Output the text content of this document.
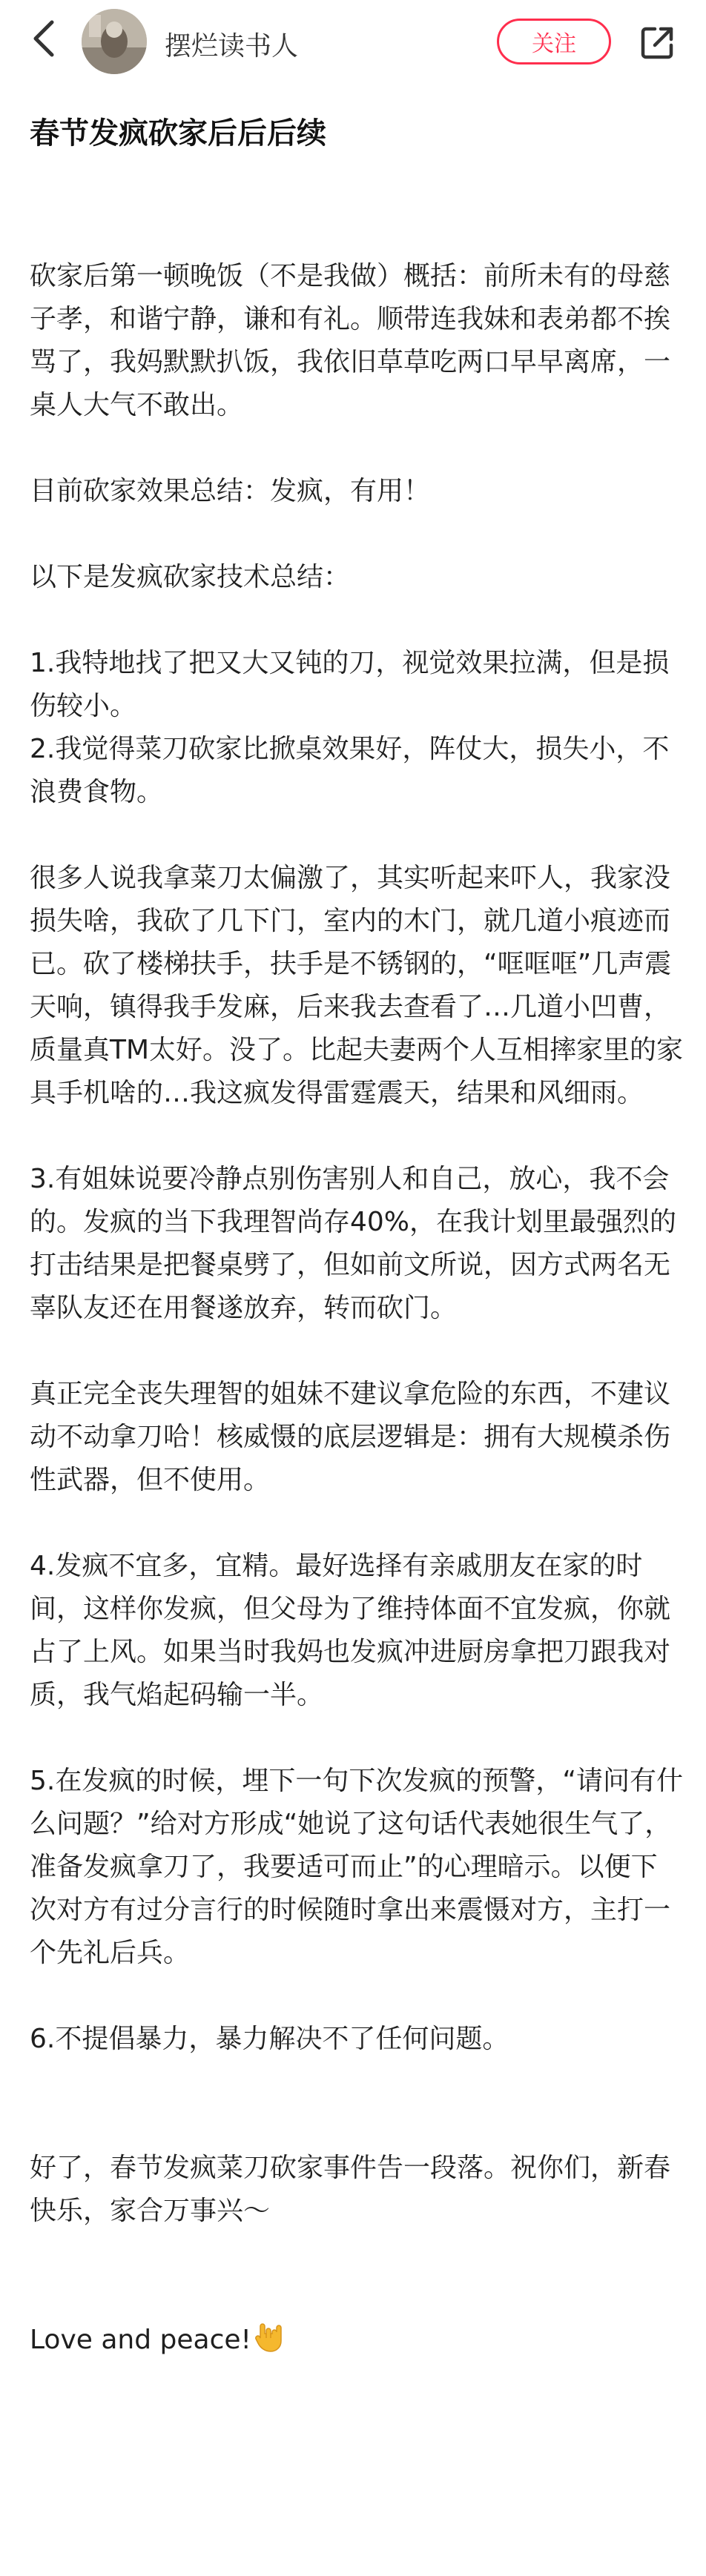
摆烂读书人	关注
春节发疯砍家后后后续

砍家后第一顿晚饭（不是我做）概括：前所未有的母慈子孝，和谐宁静，谦和有礼。顺带连我妹和表弟都不挨骂了，我妈默默扒饭，我依旧草草吃两口早早离席，一桌人大气不敢出。

目前砍家效果总结：发疯，有用！

以下是发疯砍家技术总结：

1.我特地找了把又大又钝的刀，视觉效果拉满，但是损伤较小。

2.我觉得菜刀砍家比掀桌效果好，阵仗大，损失小，不浪费食物。

很多人说我拿菜刀太偏激了，其实听起来吓人，我家没损失啥，我砍了几下门，室内的木门，就几道小痕迹而已。砍了楼梯扶手，扶手是不锈钢的，“哐哐哐”几声震天响，镇得我手发麻，后来我去查看了…几道小凹曹，质量真TM太好。没了。比起夫妻两个人互相摔家里的家具手机啥的…我这疯发得雷霆震天，结果和风细雨。

3.有姐妹说要冷静点别伤害别人和自己，放心，我不会的。发疯的当下我理智尚存40%，在我计划里最强烈的打击结果是把餐桌劈了，但如前文所说，因方式两名无辜队友还在用餐遂放弃，转而砍门。

真正完全丧失理智的姐妹不建议拿危险的东西，不建议动不动拿刀哈！核威慑的底层逻辑是：拥有大规模杀伤性武器，但不使用。

4.发疯不宜多，宜精。最好选择有亲戚朋友在家的时间，这样你发疯，但父母为了维持体面不宜发疯，你就占了上风。如果当时我妈也发疯冲进厨房拿把刀跟我对质，我气焰起码输一半。

5.在发疯的时候，埋下一句下次发疯的预警，“请问有什么问题？”给对方形成“她说了这句话代表她很生气了，准备发疯拿刀了，我要适可而止”的心理暗示。以便下次对方有过分言行的时候随时拿出来震慑对方，主打一个先礼后兵。

6.不提倡暴力，暴力解决不了任何问题。

好了，春节发疯菜刀砍家事件告一段落。祝你们，新春快乐，家合万事兴～

Love and peace!
